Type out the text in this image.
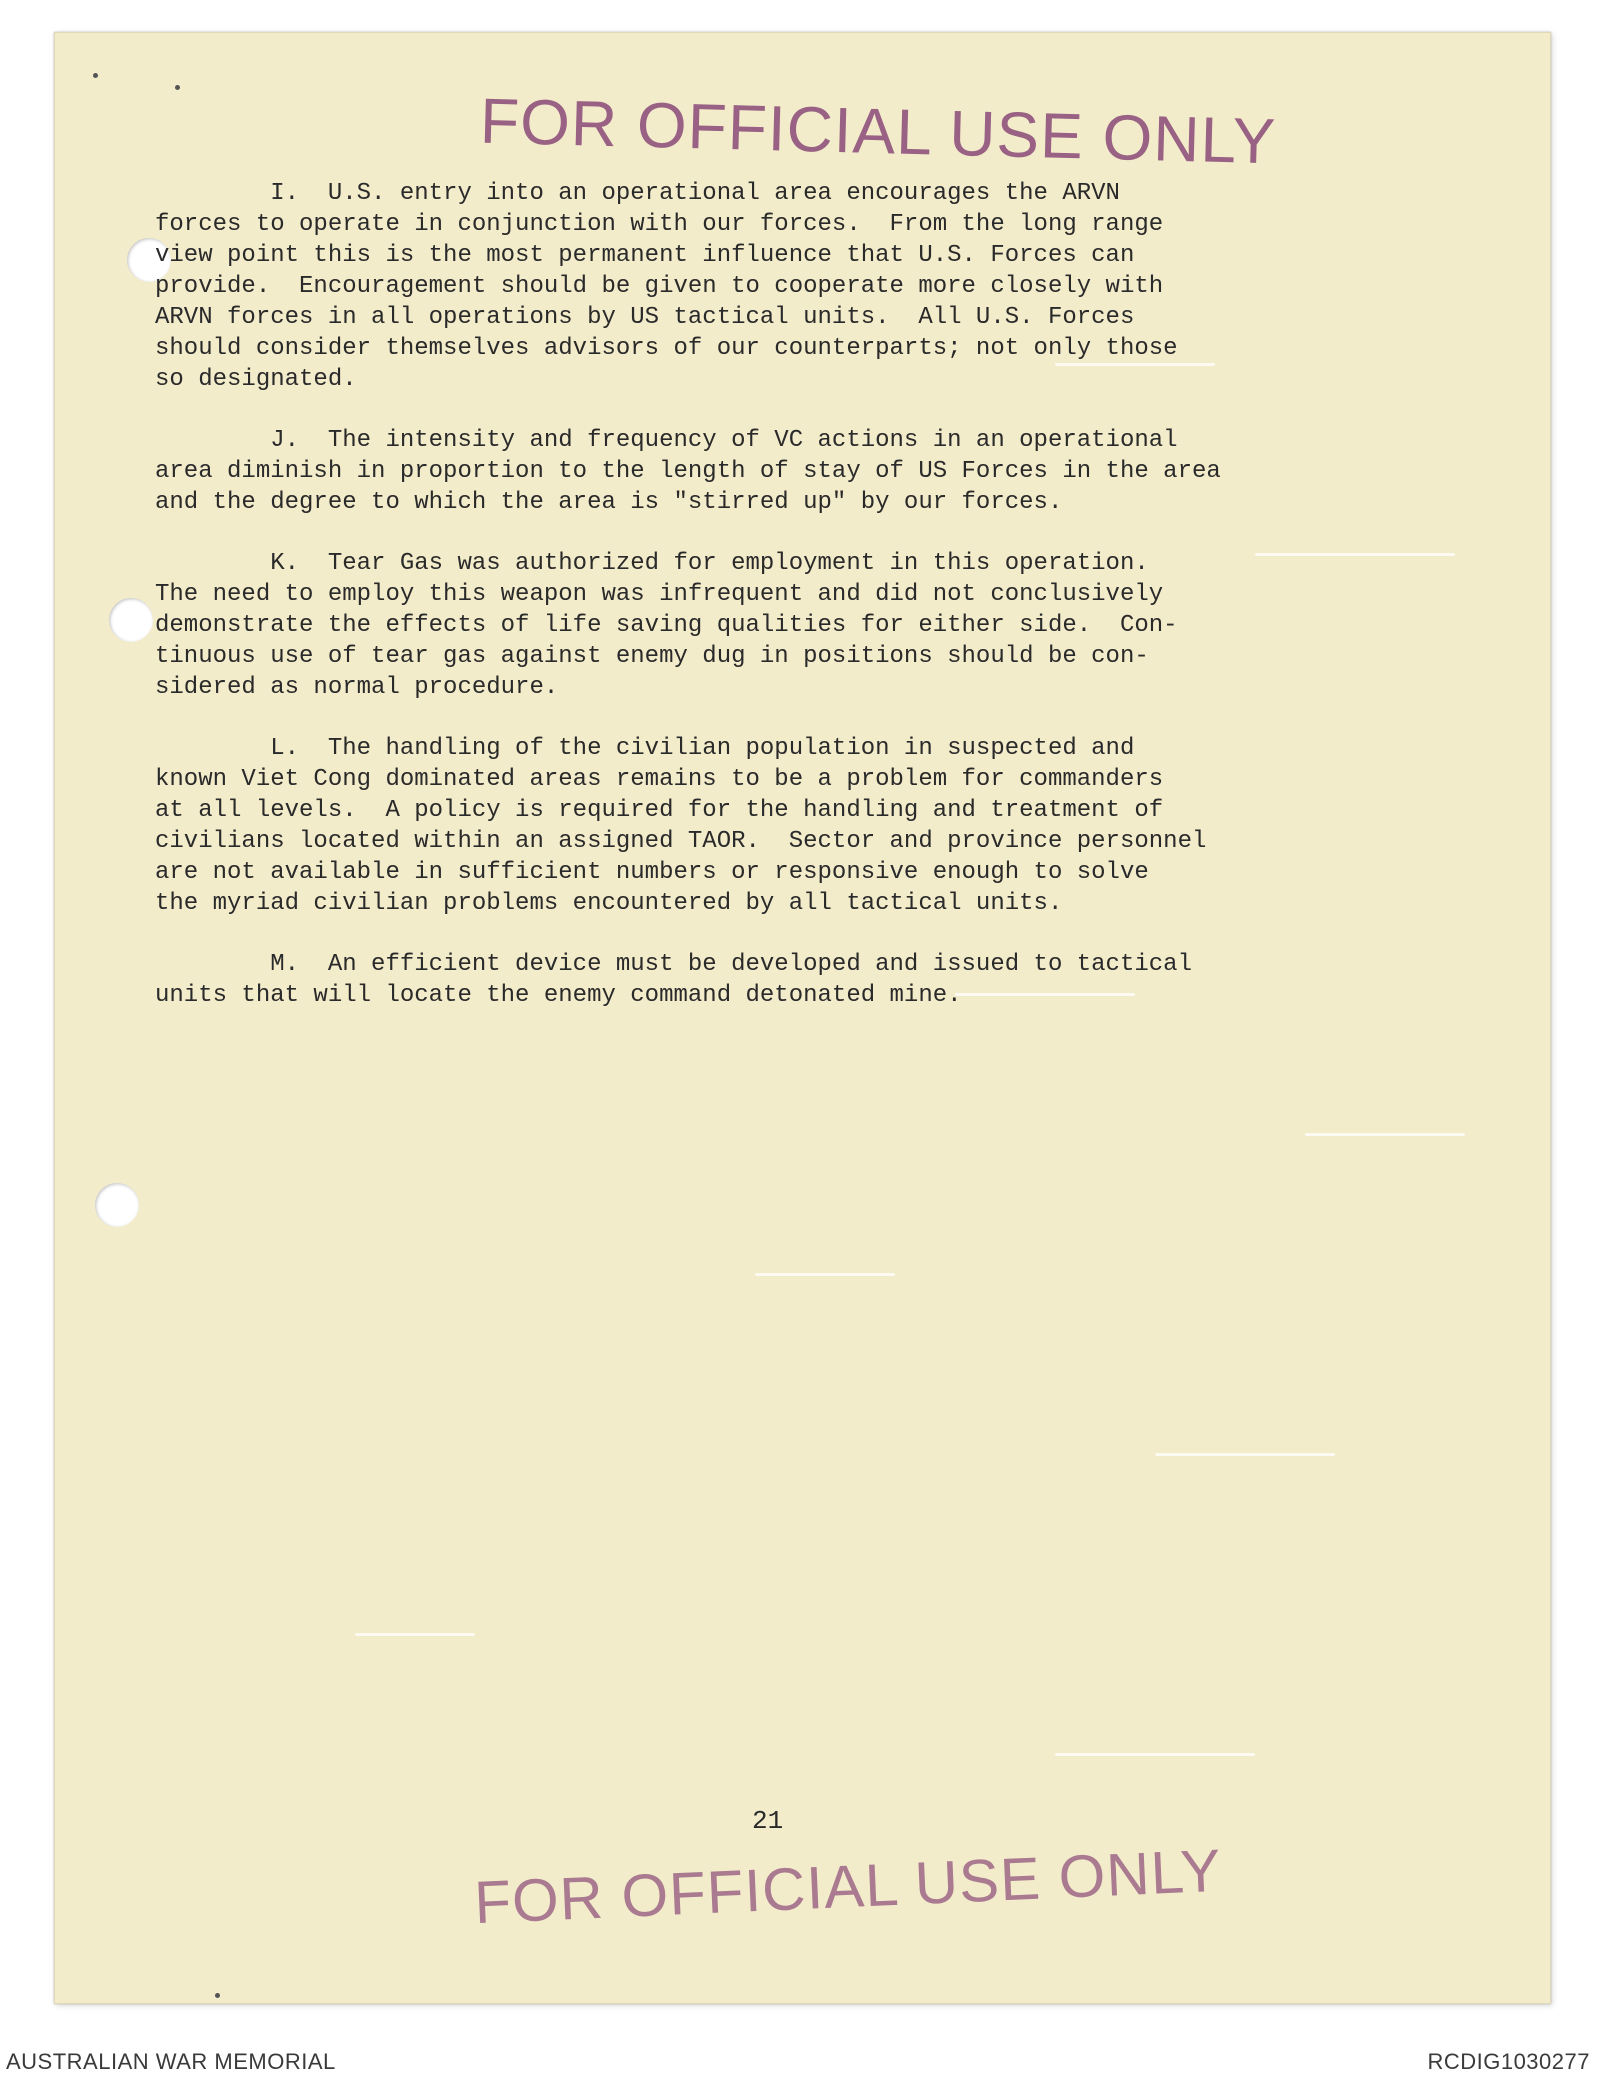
FOR OFFICIAL USE ONLY

I.  U.S. entry into an operational area encourages the ARVN
forces to operate in conjunction with our forces.  From the long range
view point this is the most permanent influence that U.S. Forces can
provide.  Encouragement should be given to cooperate more closely with
ARVN forces in all operations by US tactical units.  All U.S. Forces
should consider themselves advisors of our counterparts; not only those
so designated.

J.  The intensity and frequency of VC actions in an operational
area diminish in proportion to the length of stay of US Forces in the area
and the degree to which the area is "stirred up" by our forces.

K.  Tear Gas was authorized for employment in this operation.
The need to employ this weapon was infrequent and did not conclusively
demonstrate the effects of life saving qualities for either side.  Con-
tinuous use of tear gas against enemy dug in positions should be con-
sidered as normal procedure.

L.  The handling of the civilian population in suspected and
known Viet Cong dominated areas remains to be a problem for commanders
at all levels.  A policy is required for the handling and treatment of
civilians located within an assigned TAOR.  Sector and province personnel
are not available in sufficient numbers or responsive enough to solve
the myriad civilian problems encountered by all tactical units.

M.  An efficient device must be developed and issued to tactical
units that will locate the enemy command detonated mine.

21
FOR OFFICIAL USE ONLY
AUSTRALIAN WAR MEMORIAL	RCDIG1030277
